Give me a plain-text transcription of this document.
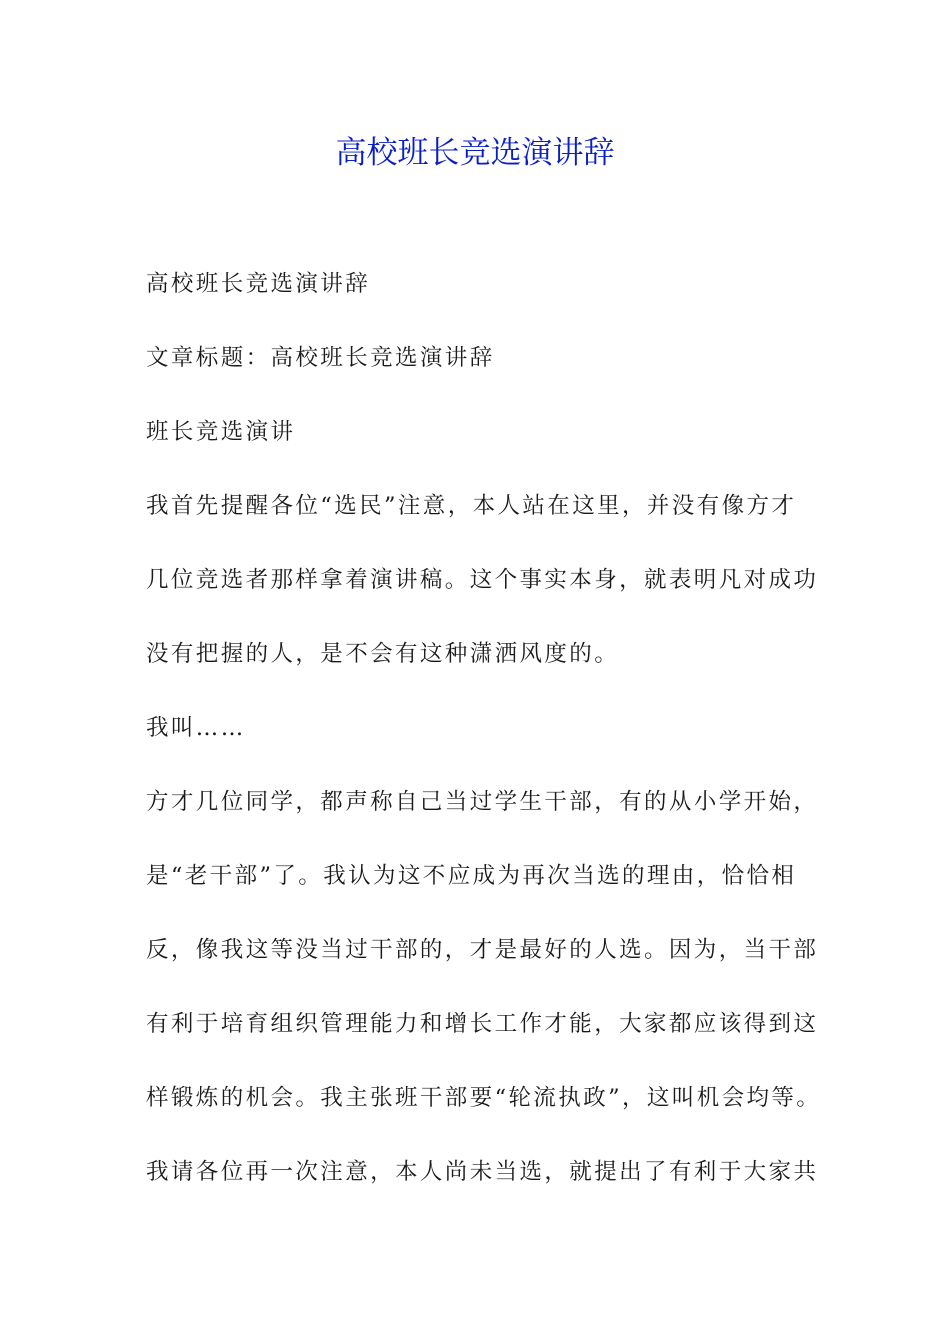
高校班长竞选演讲辞

高校班长竞选演讲辞

文章标题：高校班长竞选演讲辞

班长竞选演讲

我首先提醒各位“选民”注意，本人站在这里，并没有像方才

几位竞选者那样拿着演讲稿。这个事实本身，就表明凡对成功

没有把握的人，是不会有这种潇洒风度的。

我叫……

方才几位同学，都声称自己当过学生干部，有的从小学开始，

是“老干部”了。我认为这不应成为再次当选的理由，恰恰相

反，像我这等没当过干部的，才是最好的人选。因为，当干部

有利于培育组织管理能力和增长工作才能，大家都应该得到这

样锻炼的机会。我主张班干部要“轮流执政”，这叫机会均等。

我请各位再一次注意，本人尚未当选，就提出了有利于大家共
